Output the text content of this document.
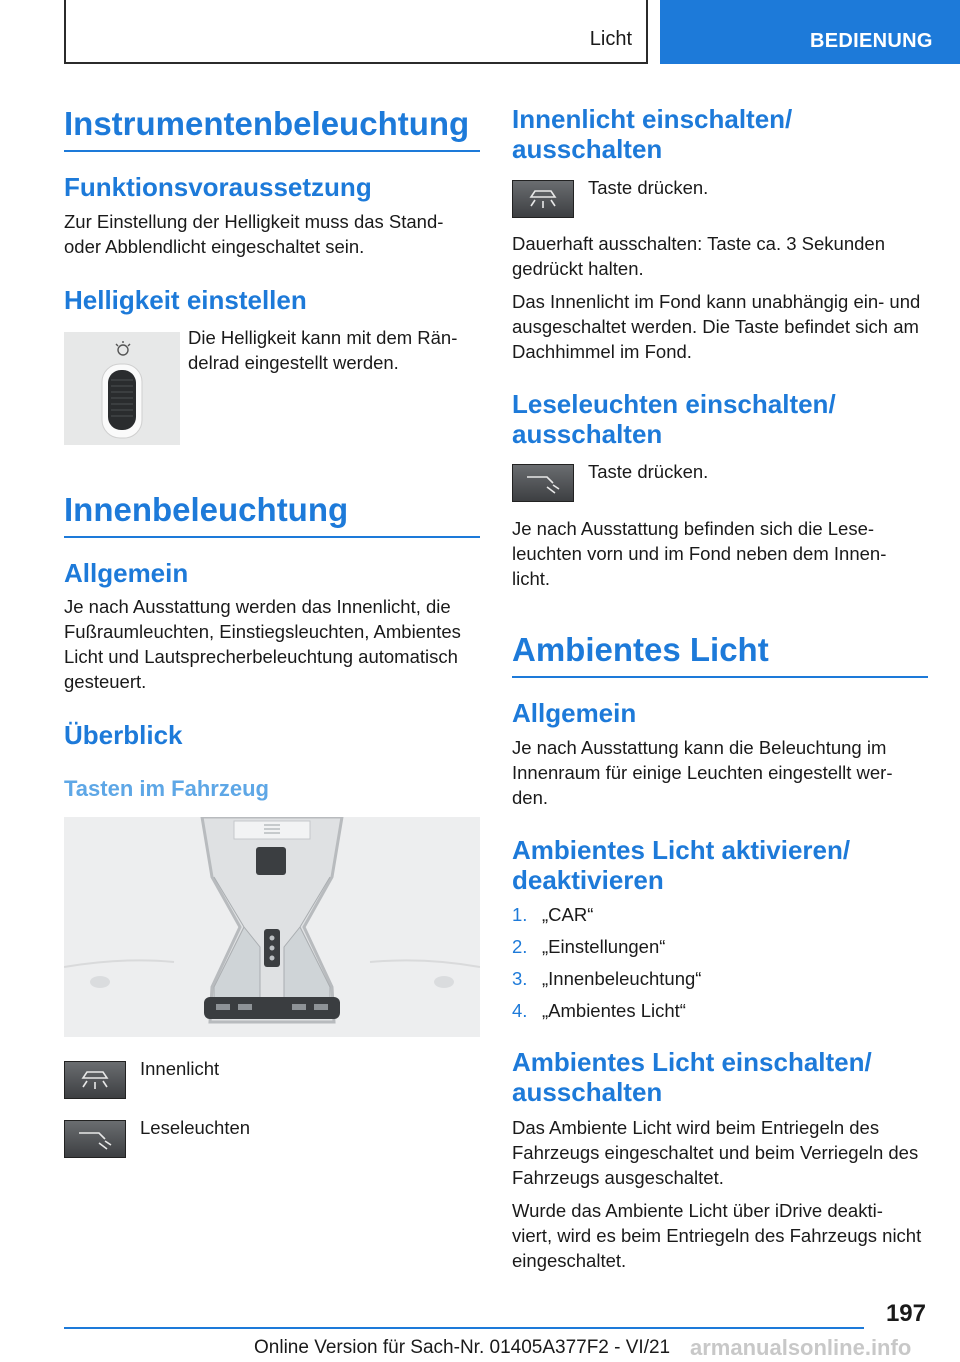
Licht	BEDIENUNG
Instrumentenbeleuchtung
Funktionsvoraussetzung
Zur Einstellung der Helligkeit muss das Stand- oder Abblendlicht eingeschaltet sein.
Helligkeit einstellen
Die Helligkeit kann mit dem Rän- delrad eingestellt werden.
Innenbeleuchtung
Allgemein
Je nach Ausstattung werden das Innenlicht, die Fußraumleuchten, Einstiegsleuchten, Ambientes Licht und Lautsprecherbeleuchtung automatisch gesteuert.
Überblick
Tasten im Fahrzeug
Innenlicht
Leseleuchten
Innenlicht einschalten/ ausschalten
Taste drücken.
Dauerhaft ausschalten: Taste ca. 3 Sekunden gedrückt halten.
Das Innenlicht im Fond kann unabhängig ein- und ausgeschaltet werden. Die Taste befindet sich am Dachhimmel im Fond.
Leseleuchten einschalten/ ausschalten
Taste drücken.
Je nach Ausstattung befinden sich die Lese- leuchten vorn und im Fond neben dem Innen- licht.
Ambientes Licht
Allgemein
Je nach Ausstattung kann die Beleuchtung im Innenraum für einige Leuchten eingestellt wer- den.
Ambientes Licht aktivieren/ deaktivieren
1. „CAR“
2. „Einstellungen“
3. „Innenbeleuchtung“
4. „Ambientes Licht“
Ambientes Licht einschalten/ ausschalten
Das Ambiente Licht wird beim Entriegeln des Fahrzeugs eingeschaltet und beim Verriegeln des Fahrzeugs ausgeschaltet.
Wurde das Ambiente Licht über iDrive deakti- viert, wird es beim Entriegeln des Fahrzeugs nicht eingeschaltet.
197
Online Version für Sach-Nr. 01405A377F2 - VI/21 armanualsonline.info
